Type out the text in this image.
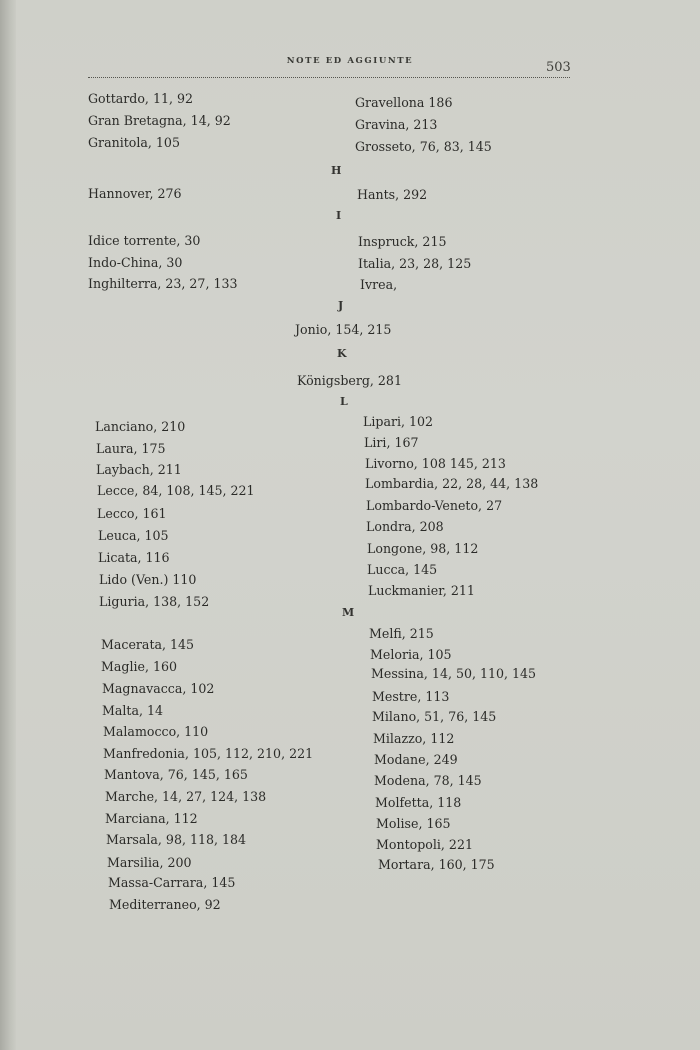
NOTE ED AGGIUNTE	503
Gottardo, 11, 92
Gran Bretagna, 14, 92
Granitola, 105
Gravellona 186
Gravina, 213
Grosseto, 76, 83, 145
H
Hannover, 276	Hants, 292
I
Idice torrente, 30
Indo-China, 30
Inghilterra, 23, 27, 133
Inspruck, 215
Italia, 23, 28, 125
Ivrea,
J
Jonio, 154, 215
K
Königsberg, 281
L
Lanciano, 210
Laura, 175
Laybach, 211
Lecce, 84, 108, 145, 221
Lecco, 161
Leuca, 105
Licata, 116
Lido (Ven.) 110
Liguria, 138, 152
Lipari, 102
Liri, 167
Livorno, 108 145, 213
Lombardia, 22, 28, 44, 138
Lombardo-Veneto, 27
Londra, 208
Longone, 98, 112
Lucca, 145
Luckmanier, 211
M
Macerata, 145
Maglie, 160
Magnavacca, 102
Malta, 14
Malamocco, 110
Manfredonia, 105, 112, 210, 221
Mantova, 76, 145, 165
Marche, 14, 27, 124, 138
Marciana, 112
Marsala, 98, 118, 184
Marsilia, 200
Massa-Carrara, 145
Mediterraneo, 92
Melfi, 215
Meloria, 105
Messina, 14, 50, 110, 145
Mestre, 113
Milano, 51, 76, 145
Milazzo, 112
Modane, 249
Modena, 78, 145
Molfetta, 118
Molise, 165
Montopoli, 221
Mortara, 160, 175
